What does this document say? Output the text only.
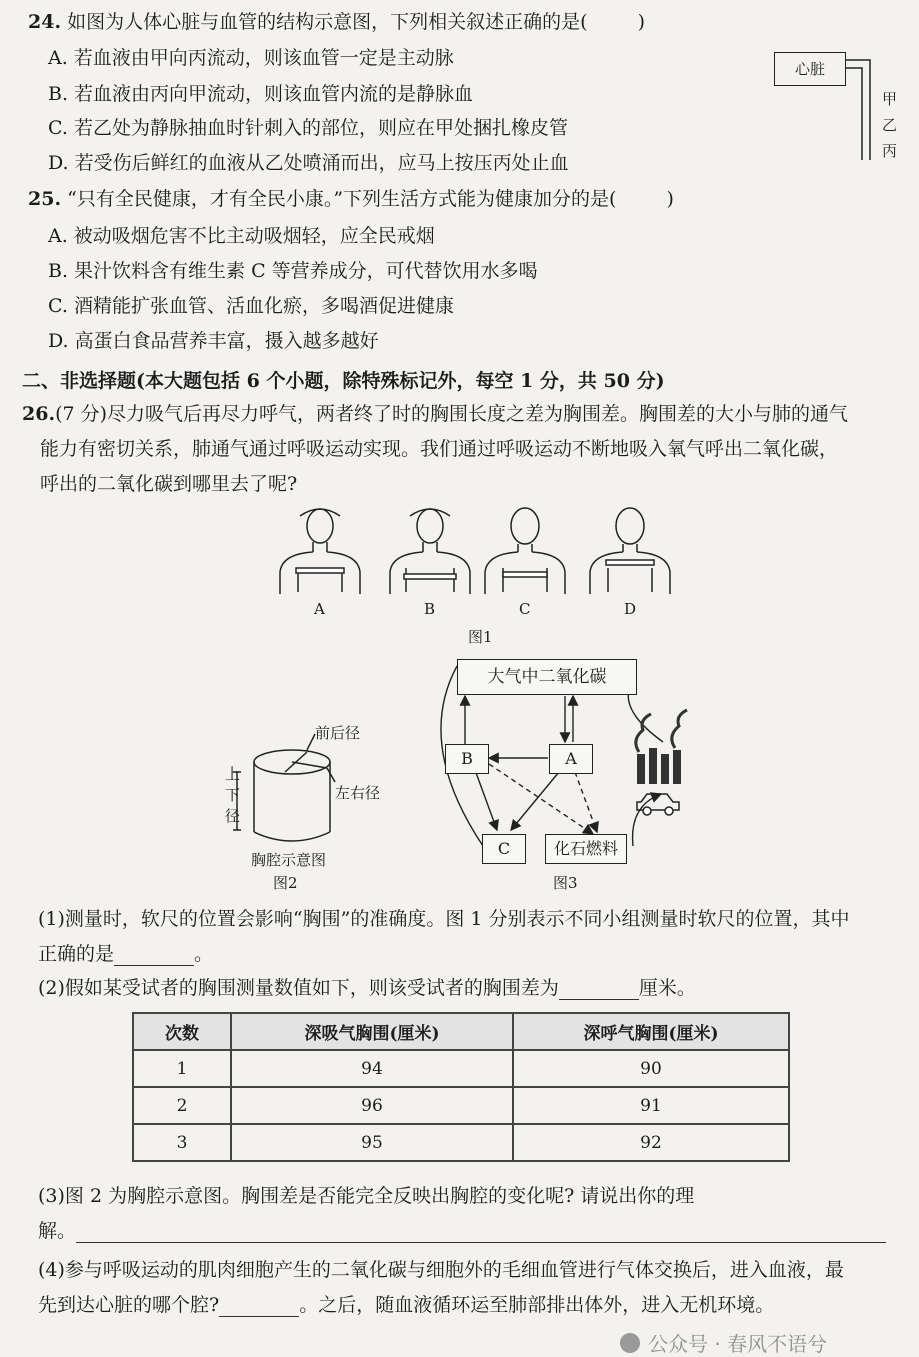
24. 如图为人体心脏与血管的结构示意图，下列相关叙述正确的是(	)
A. 若血液由甲向丙流动，则该血管一定是主动脉
B. 若血液由丙向甲流动，则该血管内流的是静脉血
C. 若乙处为静脉抽血时针刺入的部位，则应在甲处捆扎橡皮管
D. 若受伤后鲜红的血液从乙处喷涌而出，应马上按压丙处止血
心脏
甲
乙
丙
25. “只有全民健康，才有全民小康。”下列生活方式能为健康加分的是(	)
A. 被动吸烟危害不比主动吸烟轻，应全民戒烟
B. 果汁饮料含有维生素 C 等营养成分，可代替饮用水多喝
C. 酒精能扩张血管、活血化瘀，多喝酒促进健康
D. 高蛋白食品营养丰富，摄入越多越好
二、非选择题(本大题包括 6 个小题，除特殊标记外，每空 1 分，共 50 分)
26.(7 分)尽力吸气后再尽力呼气，两者终了时的胸围长度之差为胸围差。胸围差的大小与肺的通气
能力有密切关系，肺通气通过呼吸运动实现。我们通过呼吸运动不断地吸入氧气呼出二氧化碳，
呼出的二氧化碳到哪里去了呢?
A	B	C	D
图1
前后径
左右径
上
下
径
胸腔示意图
图2
大气中二氧化碳
B	A
C	化石燃料
图3
(1)测量时，软尺的位置会影响“胸围”的准确度。图 1 分别表示不同小组测量时软尺的位置，其中
正确的是	。
(2)假如某受试者的胸围测量数值如下，则该受试者的胸围差为	厘米。
次数	深吸气胸围(厘米)	深呼气胸围(厘米)
1	94	90
2	96	91
3	95	92
(3)图 2 为胸腔示意图。胸围差是否能完全反映出胸腔的变化呢? 请说出你的理
解。
(4)参与呼吸运动的肌肉细胞产生的二氧化碳与细胞外的毛细血管进行气体交换后，进入血液，最
先到达心脏的哪个腔?	。之后，随血液循环运至肺部排出体外，进入无机环境。
公众号 · 春风不语兮
